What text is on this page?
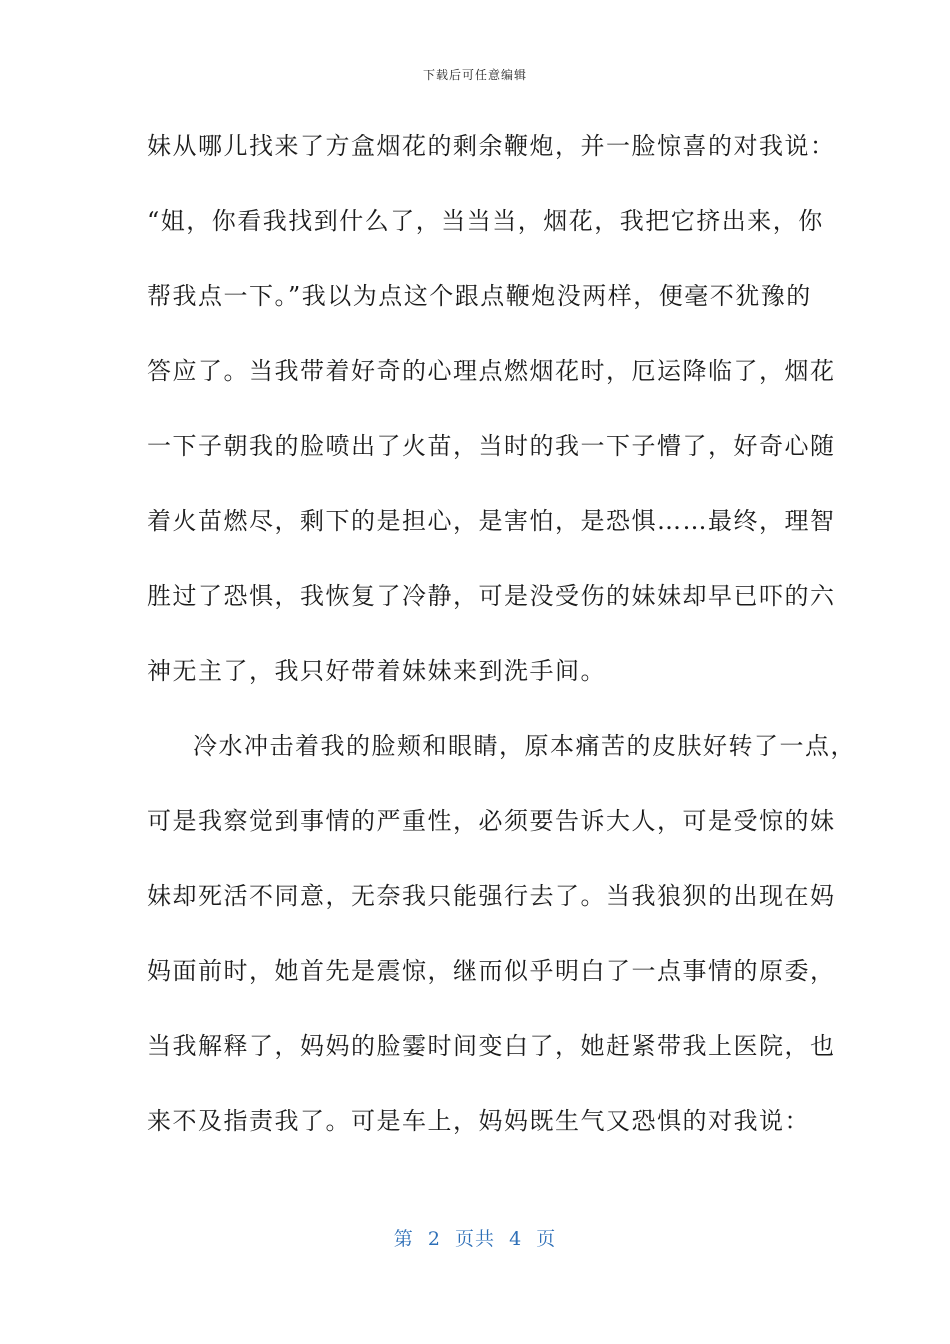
下载后可任意编辑
妹从哪儿找来了方盒烟花的剩余鞭炮，并一脸惊喜的对我说：
“姐，你看我找到什么了，当当当，烟花，我把它挤出来，你
帮我点一下。”我以为点这个跟点鞭炮没两样，便毫不犹豫的
答应了。当我带着好奇的心理点燃烟花时，厄运降临了，烟花
一下子朝我的脸喷出了火苗，当时的我一下子懵了，好奇心随
着火苗燃尽，剩下的是担心，是害怕，是恐惧……最终，理智
胜过了恐惧，我恢复了冷静，可是没受伤的妹妹却早已吓的六
神无主了，我只好带着妹妹来到洗手间。
冷水冲击着我的脸颊和眼睛，原本痛苦的皮肤好转了一点，
可是我察觉到事情的严重性，必须要告诉大人，可是受惊的妹
妹却死活不同意，无奈我只能强行去了。当我狼狈的出现在妈
妈面前时，她首先是震惊，继而似乎明白了一点事情的原委，
当我解释了，妈妈的脸霎时间变白了，她赶紧带我上医院，也
来不及指责我了。可是车上，妈妈既生气又恐惧的对我说：
第  2  页共  4  页
